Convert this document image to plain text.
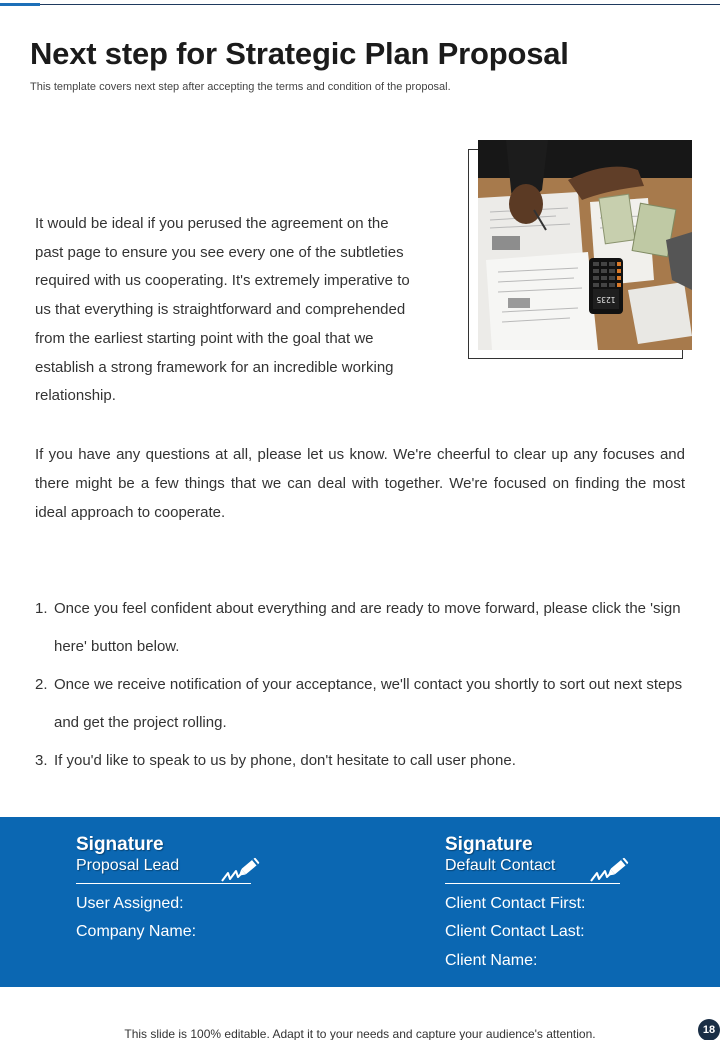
Next step for Strategic Plan Proposal
This template covers next step after accepting the terms and condition of the proposal.

It would be ideal if you perused the agreement on the past page to ensure you see every one of the subtleties required with us cooperating. It's extremely imperative to us that everything is straightforward and comprehended from the earliest starting point with the goal that we establish a strong framework for an incredible working relationship.

1235

If you have any questions at all, please let us know. We're cheerful to clear up any focuses and there might be a few things that we can deal with together. We're focused on finding the most ideal approach to cooperate.

1. Once you feel confident about everything and are ready to move forward, please click the 'sign here' button below.
2. Once we receive notification of your acceptance, we'll contact you shortly to sort out next steps and get the project rolling.
3. If you'd like to speak to us by phone, don't hesitate to call user phone.
Signature
Proposal Lead
User Assigned:
Company Name:
Signature
Default Contact
Client Contact First:
Client Contact Last:
Client Name:
This slide is 100% editable. Adapt it to your needs and capture your audience's attention.	18
